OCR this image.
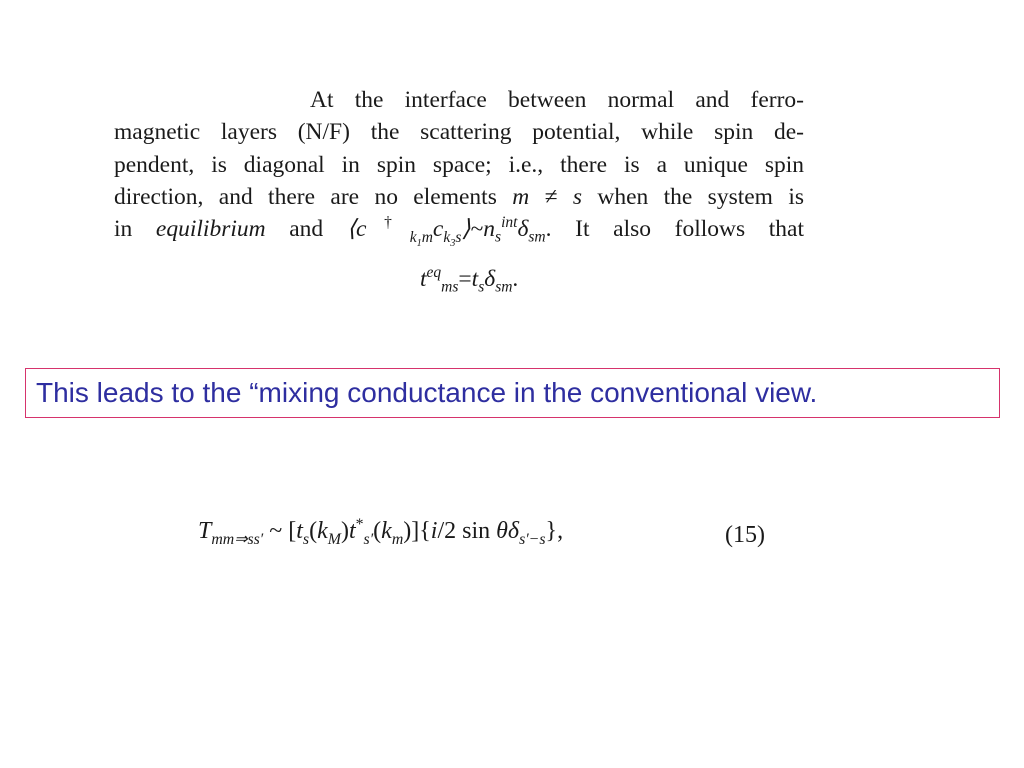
At the interface between normal and ferro-
magnetic layers (N/F) the scattering potential, while spin de-
pendent, is diagonal in spin space; i.e., there is a unique spin
direction, and there are no elements m ≠ s when the system is
in equilibrium and $⟨c^\dagger_{k_1m}c_{k_3s}⟩\sim n_s^{int}\delta_{sm}$. It also follows that
$t^{eq}_{ms}=t_s\delta_{sm}$.
This leads to the “mixing conductance in the conventional view.
$T_{mm\Rightarrow ss'}$ ~ $[t_s(k_M)t^*_{s'}(k_m)]\{i/2$ $\sin \theta\delta_{s'-s}$},	(15)
